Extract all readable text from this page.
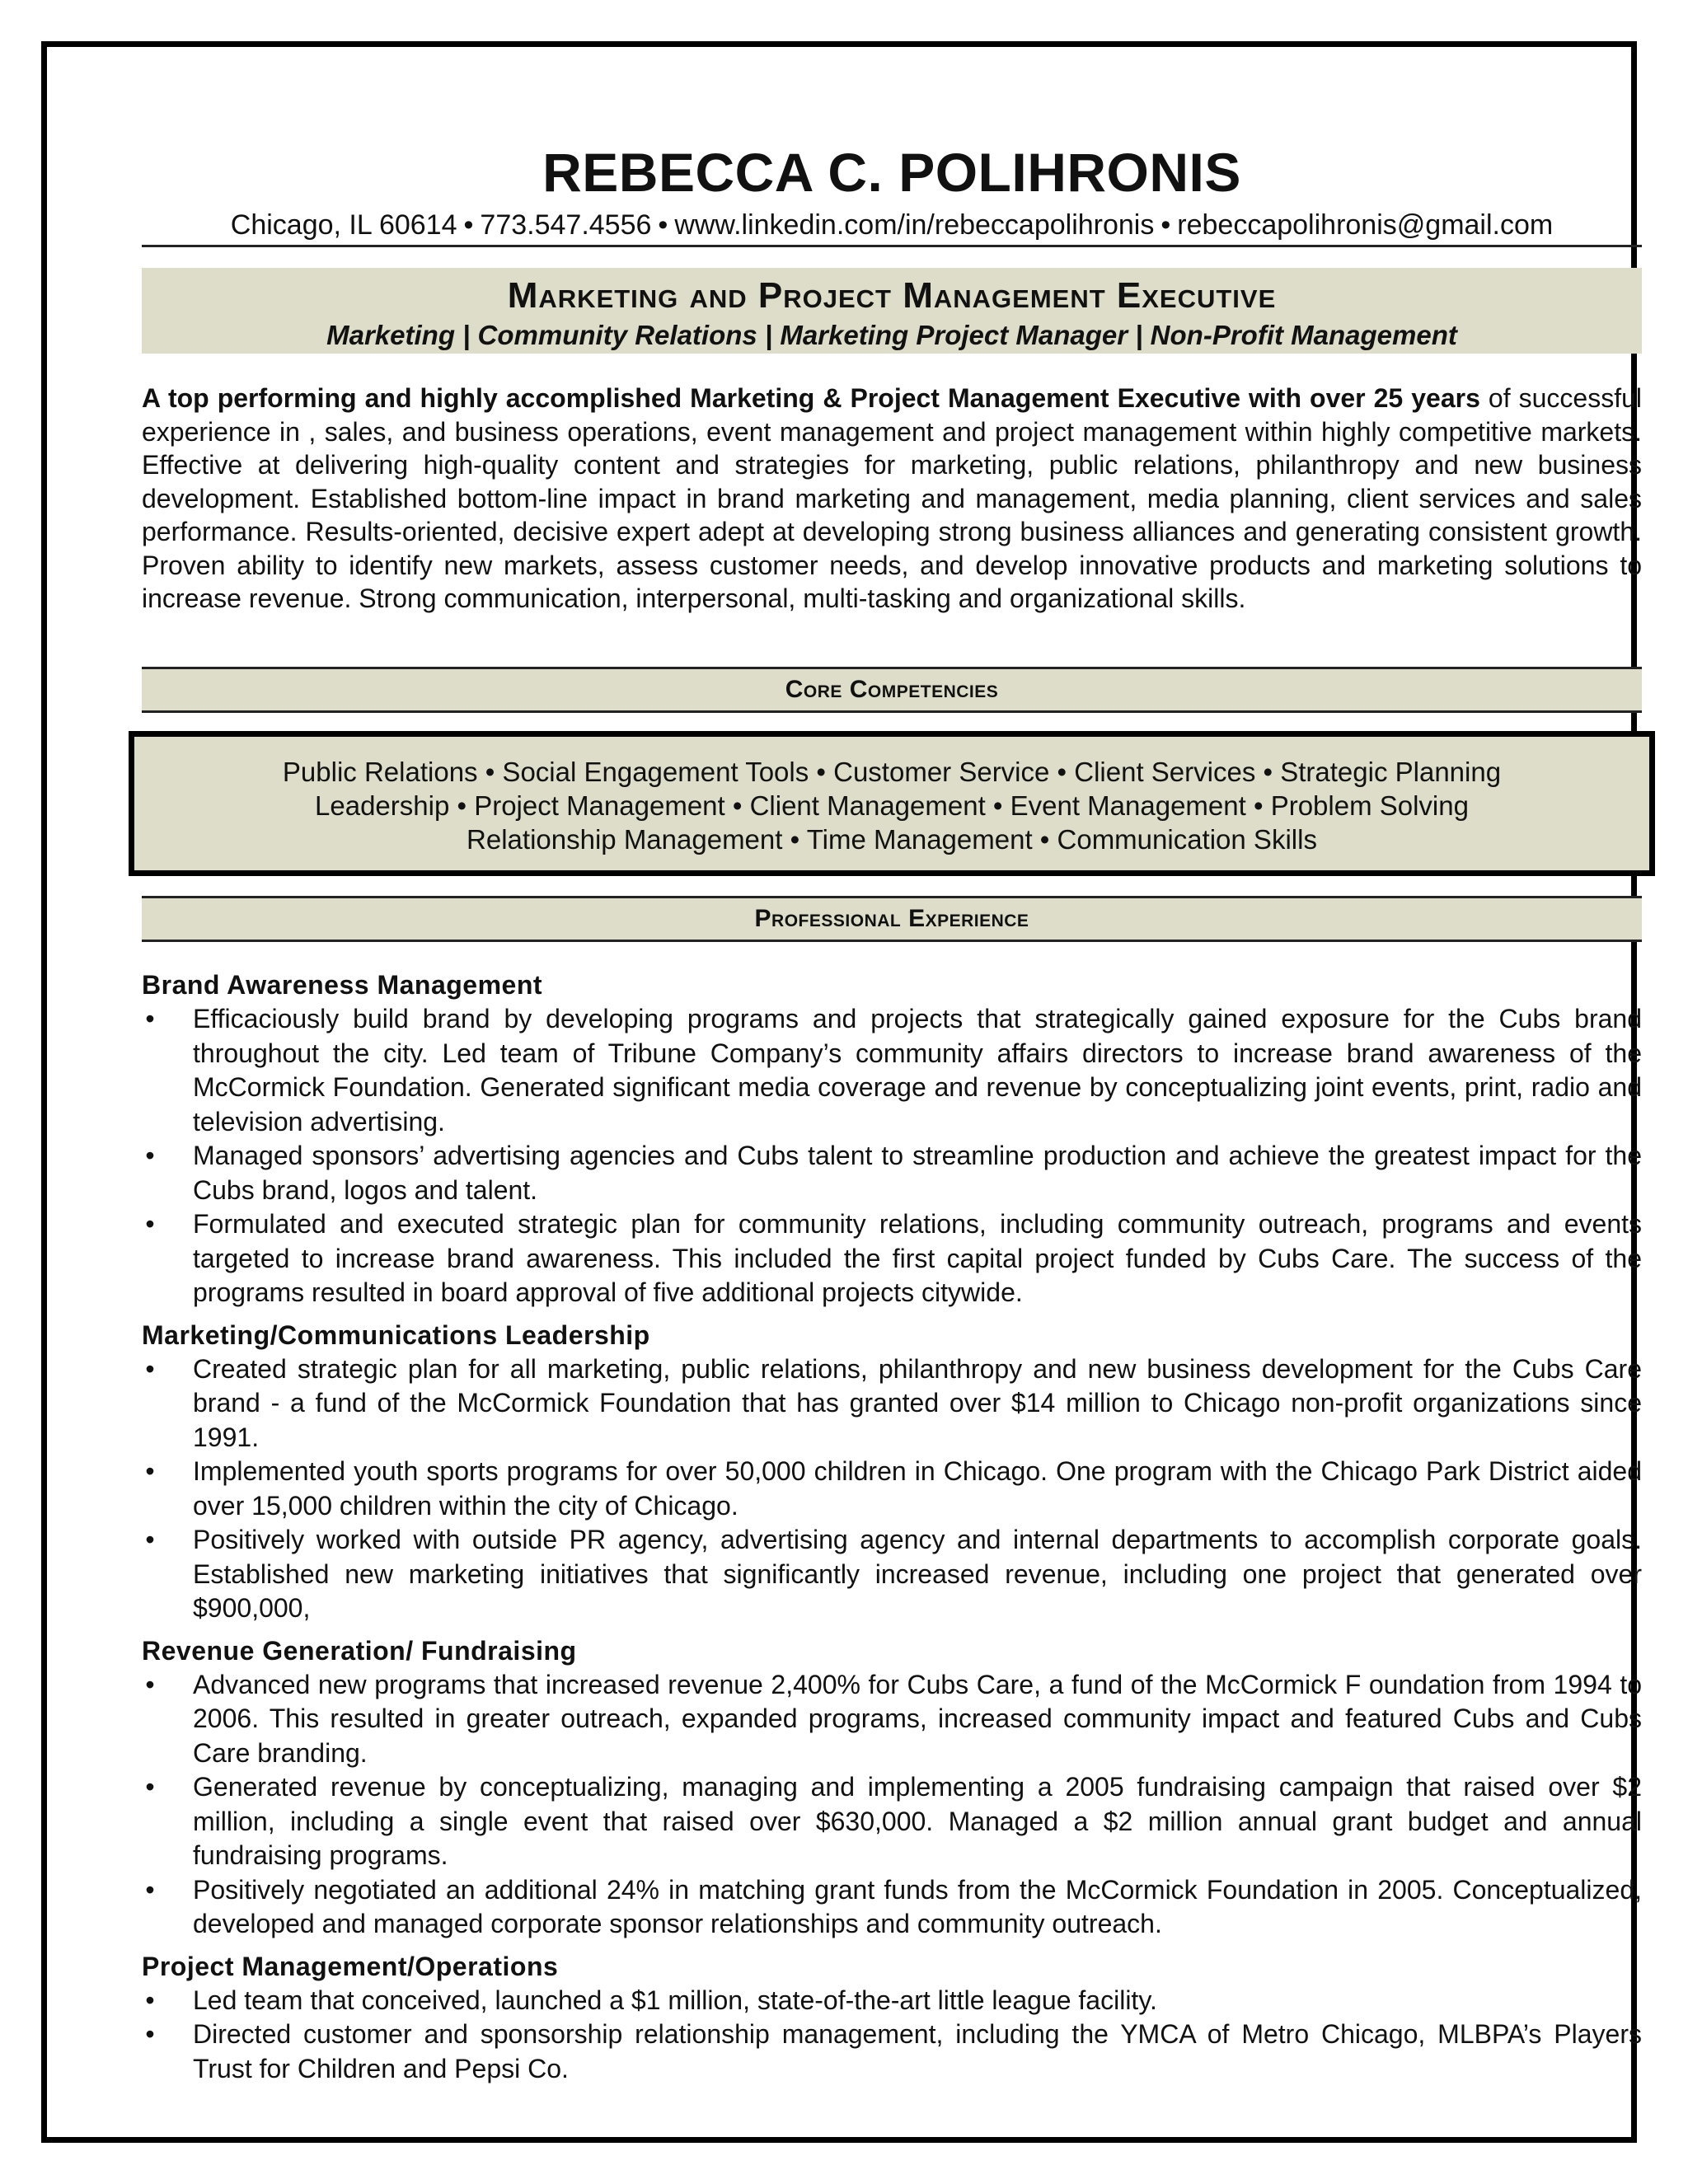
REBECCA C. POLIHRONIS
Chicago, IL 60614 • 773.547.4556 • www.linkedin.com/in/rebeccapolihronis • rebeccapolihronis@gmail.com
Marketing and Project Management Executive
Marketing | Community Relations | Marketing Project Manager | Non-Profit Management
A top performing and highly accomplished Marketing & Project Management Executive with over 25 years of successful experience in , sales, and business operations, event management and project management within highly competitive markets. Effective at delivering high-quality content and strategies for marketing, public relations, philanthropy and new business development. Established bottom-line impact in brand marketing and management, media planning, client services and sales performance. Results-oriented, decisive expert adept at developing strong business alliances and generating consistent growth. Proven ability to identify new markets, assess customer needs, and develop innovative products and marketing solutions to increase revenue. Strong communication, interpersonal, multi-tasking and organizational skills.
Core Competencies
Public Relations • Social Engagement Tools • Customer Service • Client Services • Strategic Planning
Leadership • Project Management • Client Management • Event Management • Problem Solving
Relationship Management • Time Management • Communication Skills
Professional Experience
Brand Awareness Management
• Efficaciously build brand by developing programs and projects that strategically gained exposure for the Cubs brand throughout the city. Led team of Tribune Company’s community affairs directors to increase brand awareness of the McCormick Foundation. Generated significant media coverage and revenue by conceptualizing joint events, print, radio and television advertising.
• Managed sponsors’ advertising agencies and Cubs talent to streamline production and achieve the greatest impact for the Cubs brand, logos and talent.
• Formulated and executed strategic plan for community relations, including community outreach, programs and events targeted to increase brand awareness. This included the first capital project funded by Cubs Care. The success of the programs resulted in board approval of five additional projects citywide.
Marketing/Communications Leadership
• Created strategic plan for all marketing, public relations, philanthropy and new business development for the Cubs Care brand - a fund of the McCormick Foundation that has granted over $14 million to Chicago non-profit organizations since 1991.
• Implemented youth sports programs for over 50,000 children in Chicago. One program with the Chicago Park District aided over 15,000 children within the city of Chicago.
• Positively worked with outside PR agency, advertising agency and internal departments to accomplish corporate goals. Established new marketing initiatives that significantly increased revenue, including one project that generated over $900,000,
Revenue Generation/ Fundraising
• Advanced new programs that increased revenue 2,400% for Cubs Care, a fund of the McCormick F oundation from 1994 to 2006. This resulted in greater outreach, expanded programs, increased community impact and featured Cubs and Cubs Care branding.
• Generated revenue by conceptualizing, managing and implementing a 2005 fundraising campaign that raised over $2 million, including a single event that raised over $630,000. Managed a $2 million annual grant budget and annual fundraising programs.
• Positively negotiated an additional 24% in matching grant funds from the McCormick Foundation in 2005. Conceptualized, developed and managed corporate sponsor relationships and community outreach.
Project Management/Operations
• Led team that conceived, launched a $1 million, state-of-the-art little league facility.
• Directed customer and sponsorship relationship management, including the YMCA of Metro Chicago, MLBPA’s Players Trust for Children and Pepsi Co.
